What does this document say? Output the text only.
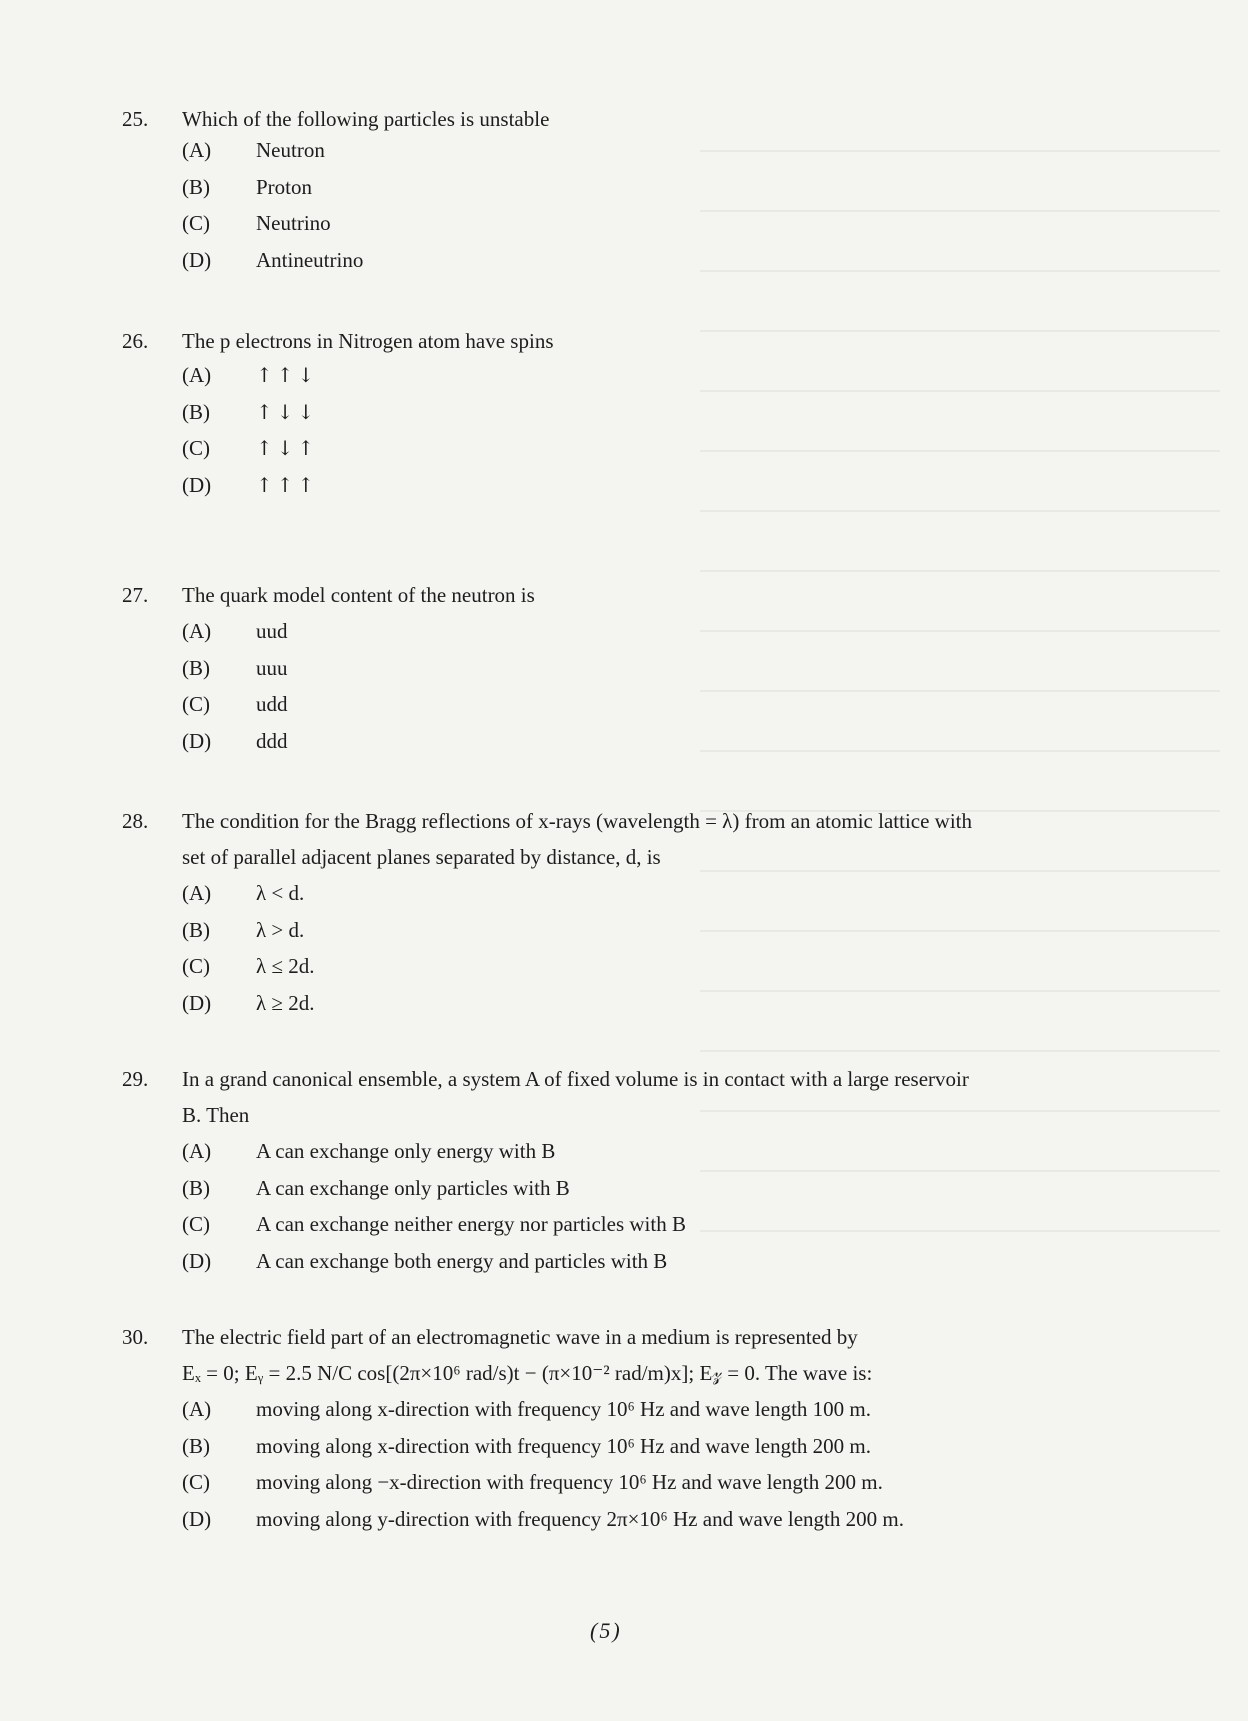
25. Which of the following particles is unstable
(A) Neutron
(B) Proton
(C) Neutrino
(D) Antineutrino
26. The p electrons in Nitrogen atom have spins
(A) ↑↑↓
(B) ↑↓↓
(C) ↑↓↑
(D) ↑↑↑
27. The quark model content of the neutron is
(A) uud
(B) uuu
(C) udd
(D) ddd
28. The condition for the Bragg reflections of x-rays (wavelength = λ) from an atomic lattice with
set of parallel adjacent planes separated by distance, d, is
(A) λ < d.
(B) λ > d.
(C) λ ≤ 2d.
(D) λ ≥ 2d.
29. In a grand canonical ensemble, a system A of fixed volume is in contact with a large reservoir
B. Then
(A) A can exchange only energy with B
(B) A can exchange only particles with B
(C) A can exchange neither energy nor particles with B
(D) A can exchange both energy and particles with B
30. The electric field part of an electromagnetic wave in a medium is represented by
Eₓ = 0; Eᵧ = 2.5 N/C cos[(2π×10⁶ rad/s)t − (π×10⁻² rad/m)x]; E𝓏 = 0. The wave is:
(A) moving along x-direction with frequency 10⁶ Hz and wave length 100 m.
(B) moving along x-direction with frequency 10⁶ Hz and wave length 200 m.
(C) moving along −x-direction with frequency 10⁶ Hz and wave length 200 m.
(D) moving along y-direction with frequency 2π×10⁶ Hz and wave length 200 m.
(5)
